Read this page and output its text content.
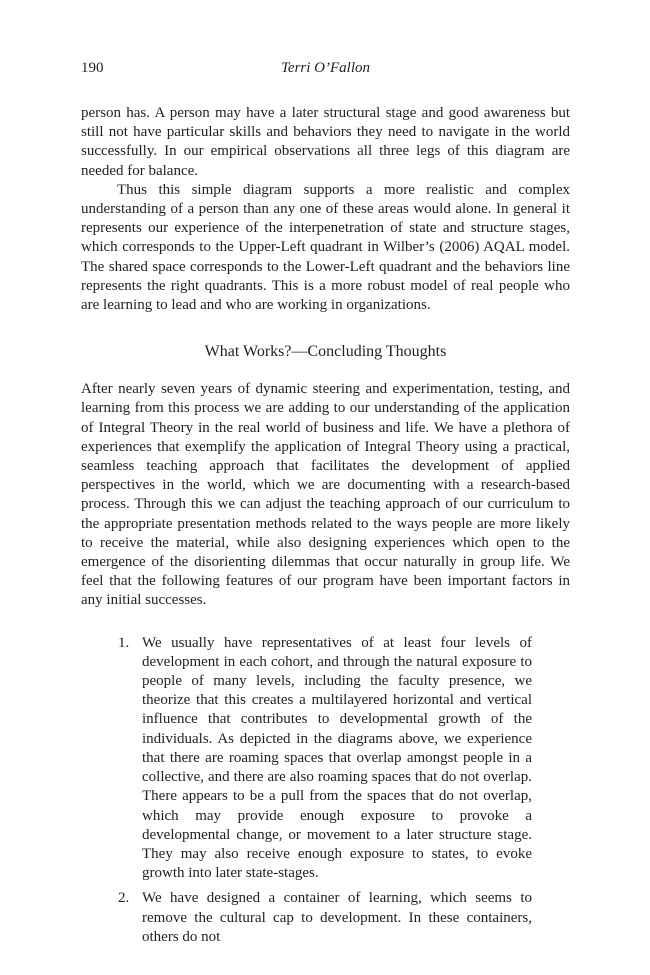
190	Terri O’Fallon

person has. A person may have a later structural stage and good awareness but still not have particular skills and behaviors they need to navigate in the world successfully. In our empirical observations all three legs of this diagram are needed for balance.

Thus this simple diagram supports a more realistic and complex understanding of a person than any one of these areas would alone. In general it represents our experience of the interpenetration of state and structure stages, which corresponds to the Upper-Left quadrant in Wilber’s (2006) AQAL model. The shared space corresponds to the Lower-Left quadrant and the behaviors line represents the right quadrants. This is a more robust model of real people who are learning to lead and who are working in organizations.

What Works?—Concluding Thoughts

After nearly seven years of dynamic steering and experimentation, testing, and learning from this process we are adding to our understanding of the application of Integral Theory in the real world of business and life. We have a plethora of experiences that exemplify the application of Integral Theory using a practical, seamless teaching approach that facilitates the development of applied perspectives in the world, which we are documenting with a research-based process. Through this we can adjust the teaching approach of our curriculum to the appropriate presentation methods related to the ways people are more likely to receive the material, while also designing experiences which open to the emergence of the disorienting dilemmas that occur naturally in group life. We feel that the following features of our program have been important factors in any initial successes.

1. We usually have representatives of at least four levels of development in each cohort, and through the natural exposure to people of many levels, including the faculty presence, we theorize that this creates a multilayered horizontal and vertical influence that contributes to developmental growth of the individuals. As depicted in the diagrams above, we experience that there are roaming spaces that overlap amongst people in a collective, and there are also roaming spaces that do not overlap. There appears to be a pull from the spaces that do not overlap, which may provide enough exposure to provoke a developmental change, or movement to a later structure stage. They may also receive enough exposure to states, to evoke growth into later state-stages.
2. We have designed a container of learning, which seems to remove the cultural cap to development. In these containers, others do not
